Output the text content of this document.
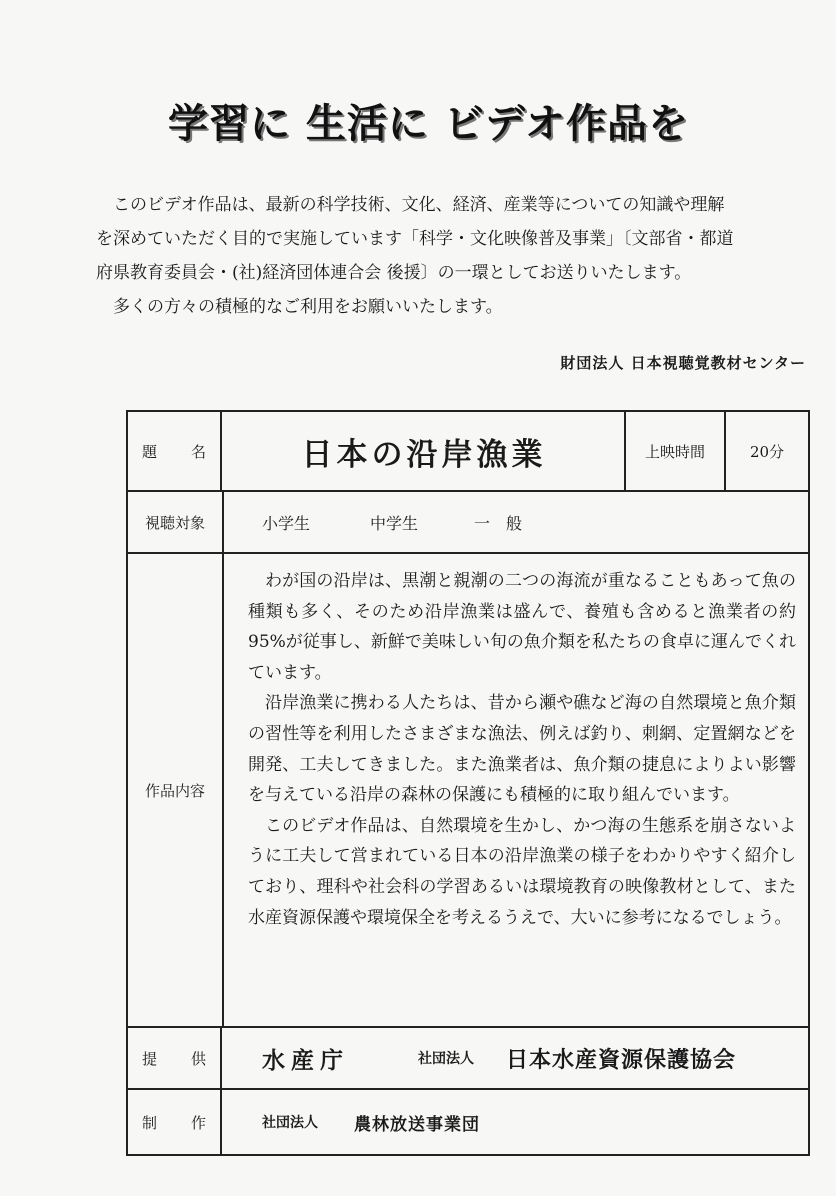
学習に 生活に ビデオ作品を

このビデオ作品は、最新の科学技術、文化、経済、産業等についての知識や理解

を深めていただく目的で実施しています「科学・文化映像普及事業」〔文部省・都道

府県教育委員会・(社)経済団体連合会 後援〕の一環としてお送りいたします。

多くの方々の積極的なご利用をお願いいたします。

財団法人 日本視聴覚教材センター
題 名	日本の沿岸漁業	上映時間	20分
視聴対象	小学生	中学生	一　般
作品内容

わが国の沿岸は、黒潮と親潮の二つの海流が重なることもあって魚の種類も多く、そのため沿岸漁業は盛んで、養殖も含めると漁業者の約95%が従事し、新鮮で美味しい旬の魚介類を私たちの食卓に運んでくれています。

沿岸漁業に携わる人たちは、昔から瀬や礁など海の自然環境と魚介類の習性等を利用したさまざまな漁法、例えば釣り、刺網、定置網などを開発、工夫してきました。また漁業者は、魚介類の捷息によりよい影響を与えている沿岸の森林の保護にも積極的に取り組んでいます。

このビデオ作品は、自然環境を生かし、かつ海の生態系を崩さないように工夫して営まれている日本の沿岸漁業の様子をわかりやすく紹介しており、理科や社会科の学習あるいは環境教育の映像教材として、また水産資源保護や環境保全を考えるうえで、大いに参考になるでしょう。

提 供 水産庁	社団法人 日本水産資源保護協会
制 作	社団法人 農林放送事業団
